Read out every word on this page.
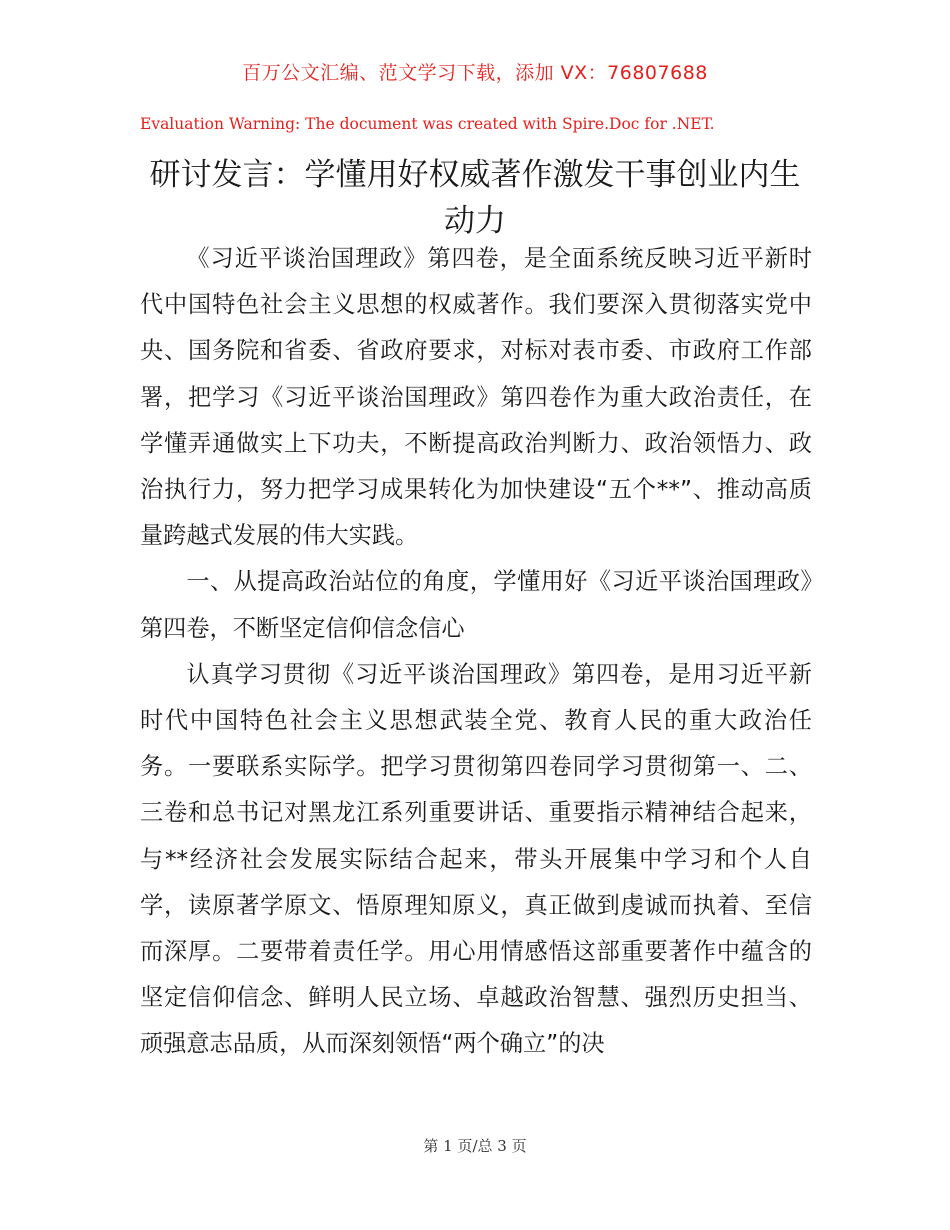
百万公文汇编、范文学习下载，添加 VX：76807688
Evaluation Warning: The document was created with Spire.Doc for .NET.
研讨发言：学懂用好权威著作激发干事创业内生动力

《习近平谈治国理政》第四卷，是全面系统反映习近平新时代中国特色社会主义思想的权威著作。我们要深入贯彻落实党中央、国务院和省委、省政府要求，对标对表市委、市政府工作部署，把学习《习近平谈治国理政》第四卷作为重大政治责任，在学懂弄通做实上下功夫，不断提高政治判断力、政治领悟力、政治执行力，努力把学习成果转化为加快建设“五个**”、推动高质量跨越式发展的伟大实践。

一、从提高政治站位的角度，学懂用好《习近平谈治国理政》第四卷，不断坚定信仰信念信心

认真学习贯彻《习近平谈治国理政》第四卷，是用习近平新时代中国特色社会主义思想武装全党、教育人民的重大政治任务。一要联系实际学。把学习贯彻第四卷同学习贯彻第一、二、三卷和总书记对黑龙江系列重要讲话、重要指示精神结合起来，与**经济社会发展实际结合起来，带头开展集中学习和个人自学，读原著学原文、悟原理知原义，真正做到虔诚而执着、至信而深厚。二要带着责任学。用心用情感悟这部重要著作中蕴含的坚定信仰信念、鲜明人民立场、卓越政治智慧、强烈历史担当、顽强意志品质，从而深刻领悟“两个确立”的决

第 1 页/总 3 页
